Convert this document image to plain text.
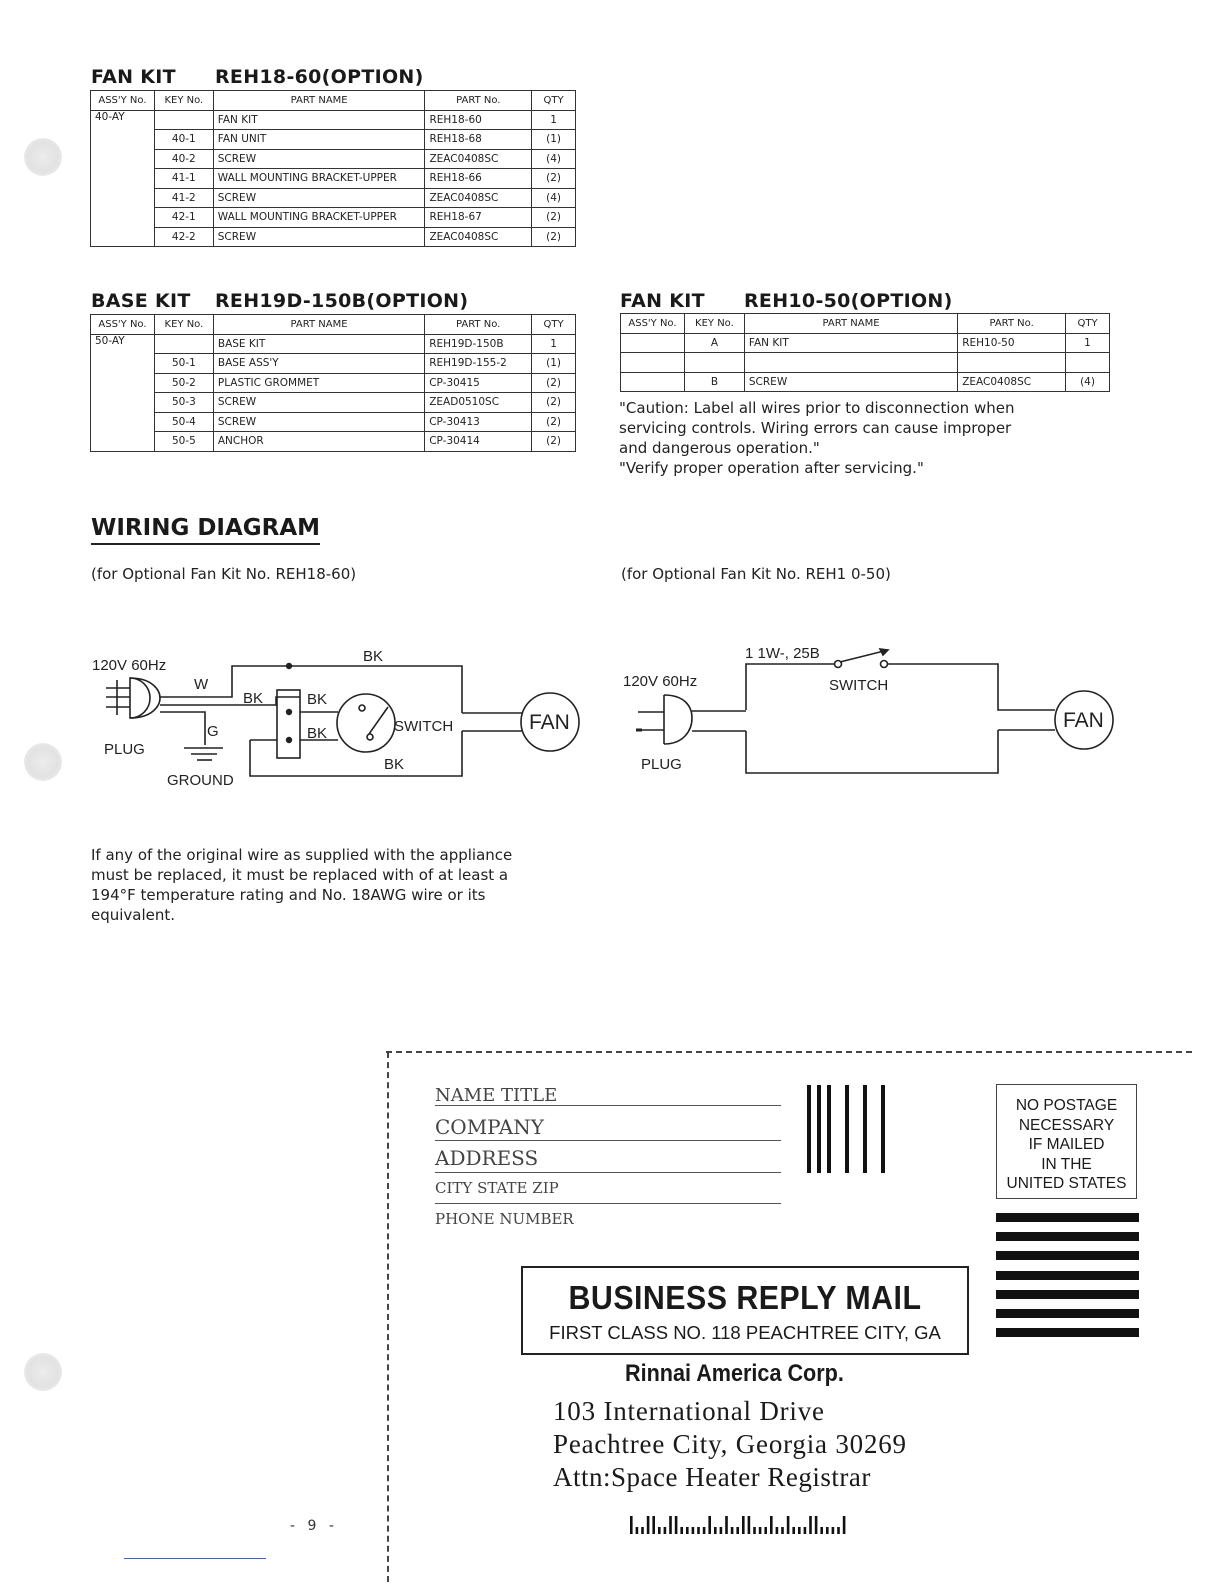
FAN KIT REH18-60(OPTION)
ASS'Y No.	KEY No.	PART NAME	PART No.	QTY
40-AY		FAN KIT	REH18-60	1
	40-1	FAN UNIT	REH18-68	(1)
	40-2	SCREW	ZEAC0408SC	(4)
	41-1	WALL MOUNTING BRACKET-UPPER	REH18-66	(2)
	41-2	SCREW	ZEAC0408SC	(4)
	42-1	WALL MOUNTING BRACKET-UPPER	REH18-67	(2)
	42-2	SCREW	ZEAC0408SC	(2)
BASE KIT REH19D-150B(OPTION)
ASS'Y No.	KEY No.	PART NAME	PART No.	QTY
50-AY		BASE KIT	REH19D-150B	1
	50-1	BASE ASS'Y	REH19D-155-2	(1)
	50-2	PLASTIC GROMMET	CP-30415	(2)
	50-3	SCREW	ZEAD0510SC	(2)
	50-4	SCREW	CP-30413	(2)
	50-5	ANCHOR	CP-30414	(2)
FAN KIT REH10-50(OPTION)
ASS'Y No.	KEY No.	PART NAME	PART No.	QTY
	A	FAN KIT	REH10-50	1

	B	SCREW	ZEAC0408SC	(4)
"Caution: Label all wires prior to disconnection when
servicing controls. Wiring errors can cause improper
and dangerous operation."
"Verify proper operation after servicing."
WIRING DIAGRAM
(for Optional Fan Kit No. REH18-60)	(for Optional Fan Kit No. REH1 0-50)
120V 60Hz
BK
W
BK	BK
G	BK	SWITCH
BK
PLUG
GROUND
FAN
1 1W-, 25B
120V 60Hz	SWITCH
PLUG
FAN
If any of the original wire as supplied with the appliance
must be replaced, it must be replaced with of at least a
194°F temperature rating and No. 18AWG wire or its
equivalent.
NAME TITLE
COMPANY
ADDRESS
CITY STATE ZIP
PHONE NUMBER
NO POSTAGE
NECESSARY
IF MAILED
IN THE
UNITED STATES
BUSINESS REPLY MAIL
FIRST CLASS NO. 118 PEACHTREE CITY, GA
Rinnai America Corp.
103 International Drive
Peachtree City, Georgia 30269
Attn:Space Heater Registrar
- 9 -
